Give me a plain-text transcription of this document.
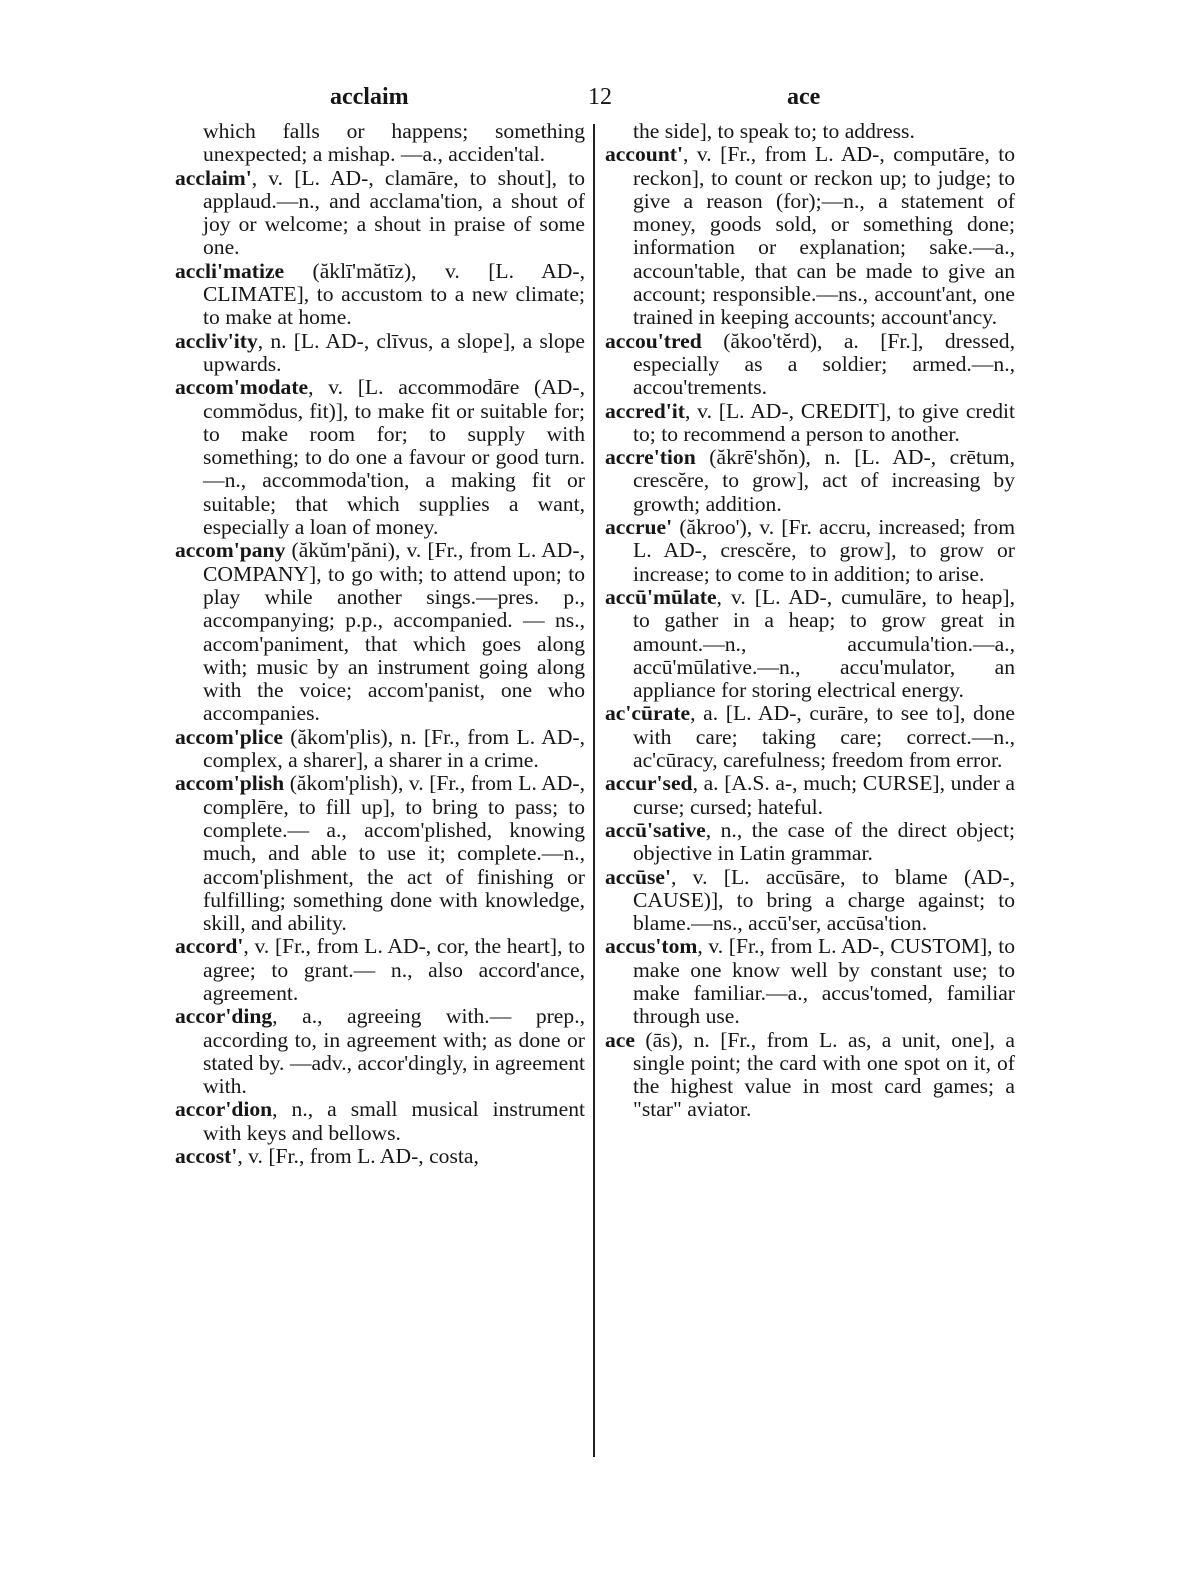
acclaim	12	ace

which falls or happens; something unexpected; a mishap. —a., acciden'tal.

acclaim', v. [L. AD-, clamāre, to shout], to applaud.—n., and acclama'tion, a shout of joy or welcome; a shout in praise of some one.

accli'matize (ăklī'mătīz), v. [L. AD-, CLIMATE], to accustom to a new climate; to make at home.

accliv'ity, n. [L. AD-, clīvus, a slope], a slope upwards.

accom'modate, v. [L. accommodāre (AD-, commŏdus, fit)], to make fit or suitable for; to make room for; to supply with something; to do one a favour or good turn.—n., accommoda'tion, a making fit or suitable; that which supplies a want, especially a loan of money.

accom'pany (ăkŭm'păni), v. [Fr., from L. AD-, COMPANY], to go with; to attend upon; to play while another sings.—pres. p., accompanying; p.p., accompanied. — ns., accom'paniment, that which goes along with; music by an instrument going along with the voice; accom'panist, one who accompanies.

accom'plice (ăkom'plis), n. [Fr., from L. AD-, complex, a sharer], a sharer in a crime.

accom'plish (ăkom'plish), v. [Fr., from L. AD-, complēre, to fill up], to bring to pass; to complete.— a., accom'plished, knowing much, and able to use it; complete.—n., accom'plishment, the act of finishing or fulfilling; something done with knowledge, skill, and ability.

accord', v. [Fr., from L. AD-, cor, the heart], to agree; to grant.— n., also accord'ance, agreement.

accor'ding, a., agreeing with.— prep., according to, in agreement with; as done or stated by. —adv., accor'dingly, in agreement with.

accor'dion, n., a small musical instrument with keys and bellows.

accost', v. [Fr., from L. AD-, costa,

the side], to speak to; to address.

account', v. [Fr., from L. AD-, computāre, to reckon], to count or reckon up; to judge; to give a reason (for);—n., a statement of money, goods sold, or something done; information or explanation; sake.—a., accoun'table, that can be made to give an account; responsible.—ns., account'ant, one trained in keeping accounts; account'ancy.

accou'tred (ăkoo'tĕrd), a. [Fr.], dressed, especially as a soldier; armed.—n., accou'trements.

accred'it, v. [L. AD-, CREDIT], to give credit to; to recommend a person to another.

accre'tion (ăkrē'shŏn), n. [L. AD-, crētum, crescĕre, to grow], act of increasing by growth; addition.

accrue' (ăkroo'), v. [Fr. accru, increased; from L. AD-, crescĕre, to grow], to grow or increase; to come to in addition; to arise.

accū'mūlate, v. [L. AD-, cumulāre, to heap], to gather in a heap; to grow great in amount.—n., accumula'tion.—a., accū'mūlative.—n., accu'mulator, an appliance for storing electrical energy.

ac'cūrate, a. [L. AD-, curāre, to see to], done with care; taking care; correct.—n., ac'cūracy, carefulness; freedom from error.

accur'sed, a. [A.S. a-, much; CURSE], under a curse; cursed; hateful.

accū'sative, n., the case of the direct object; objective in Latin grammar.

accūse', v. [L. accūsāre, to blame (AD-, CAUSE)], to bring a charge against; to blame.—ns., accū'ser, accūsa'tion.

accus'tom, v. [Fr., from L. AD-, CUSTOM], to make one know well by constant use; to make familiar.—a., accus'tomed, familiar through use.

ace (ās), n. [Fr., from L. as, a unit, one], a single point; the card with one spot on it, of the highest value in most card games; a "star" aviator.
